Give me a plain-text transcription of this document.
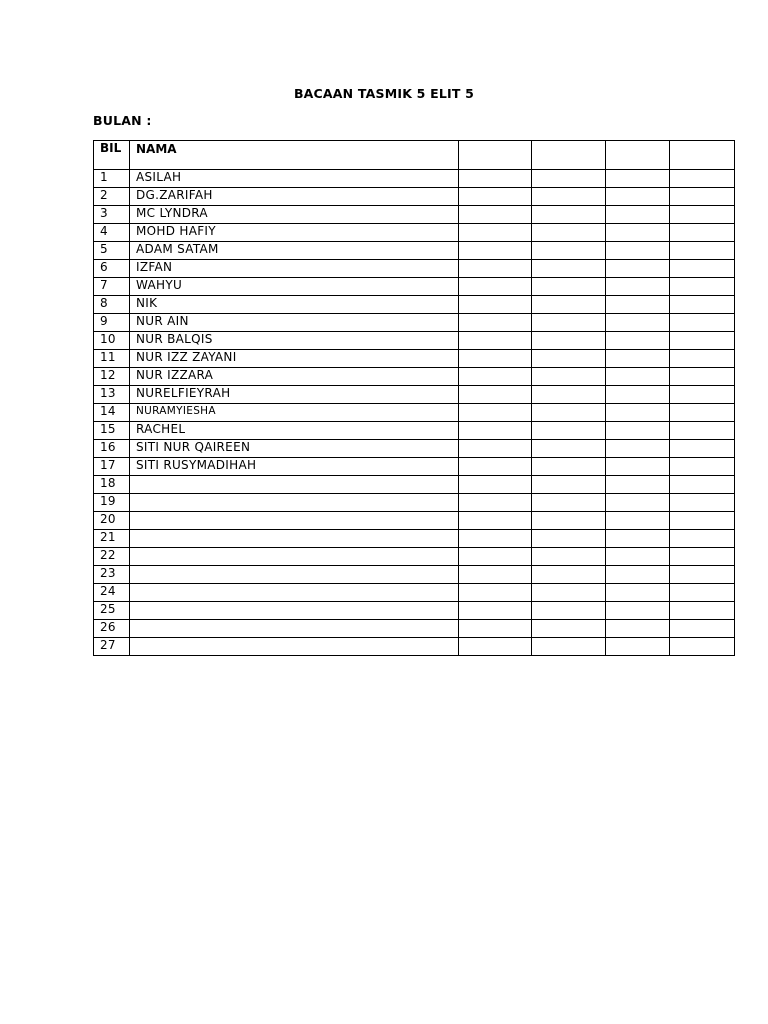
BACAAN TASMIK 5 ELIT 5
BULAN :
BIL	NAMA				
1	ASILAH				
2	DG.ZARIFAH				
3	MC LYNDRA				
4	MOHD HAFIY				
5	ADAM SATAM				
6	IZFAN				
7	WAHYU				
8	NIK				
9	NUR AIN				
10	NUR BALQIS				
11	NUR IZZ ZAYANI				
12	NUR IZZARA				
13	NURELFIEYRAH				
14	NURAMYIESHA				
15	RACHEL				
16	SITI NUR QAIREEN				
17	SITI RUSYMADIHAH				
18					
19					
20					
21					
22					
23					
24					
25					
26					
27					
